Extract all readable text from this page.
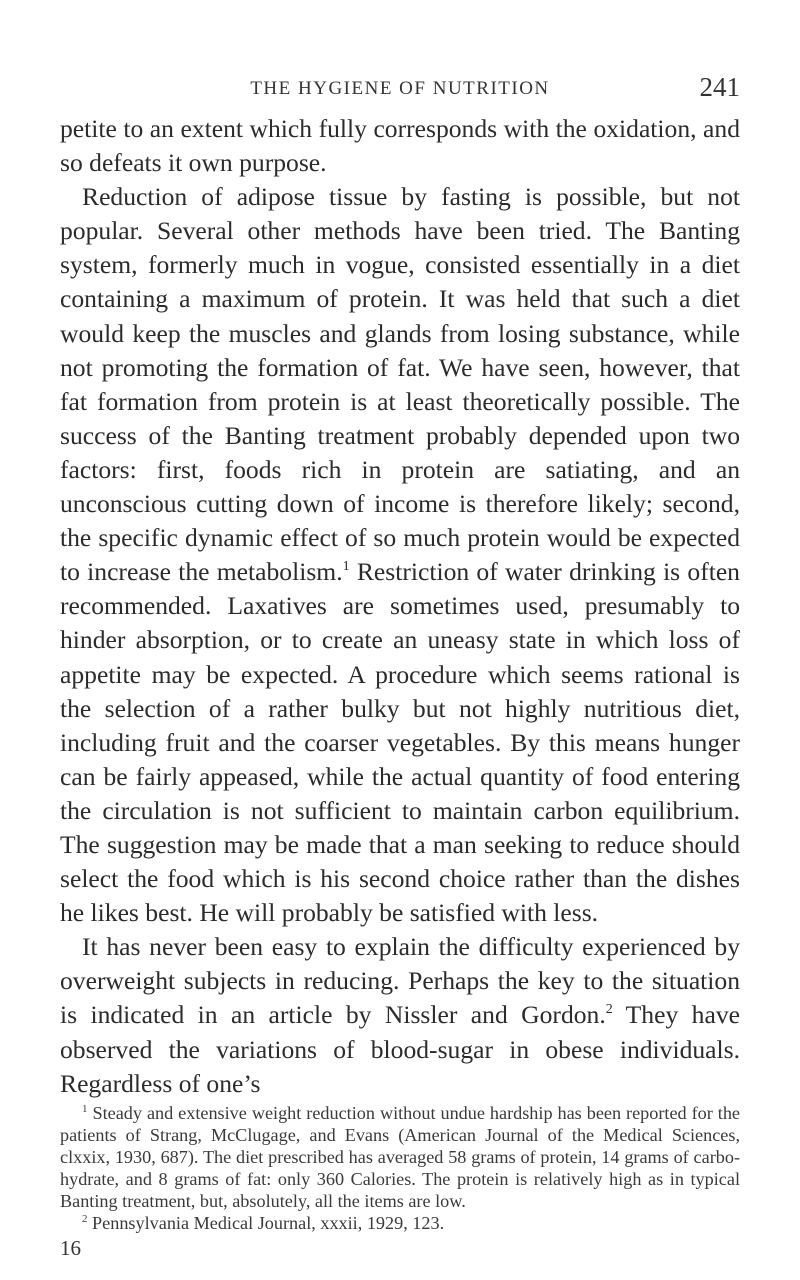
THE HYGIENE OF NUTRITION	241

petite to an extent which fully corresponds with the oxidation, and so defeats it own purpose.

Reduction of adipose tissue by fasting is possible, but not popular. Several other methods have been tried. The Banting system, formerly much in vogue, consisted essentially in a diet containing a maximum of protein. It was held that such a diet would keep the muscles and glands from losing substance, while not promoting the formation of fat. We have seen, however, that fat formation from protein is at least theoretically possible. The success of the Banting treatment probably depended upon two factors: first, foods rich in protein are satiating, and an unconscious cutting down of income is therefore likely; second, the specific dynamic effect of so much protein would be expected to increase the metabolism.$^1$ Restriction of water drinking is often recommended. Laxatives are sometimes used, presumably to hinder absorption, or to create an uneasy state in which loss of appetite may be expected. A procedure which seems rational is the selection of a rather bulky but not highly nutritious diet, including fruit and the coarser vegetables. By this means hunger can be fairly appeased, while the actual quantity of food entering the circulation is not sufficient to maintain carbon equilibrium. The suggestion may be made that a man seeking to reduce should select the food which is his second choice rather than the dishes he likes best. He will probably be satisfied with less.

It has never been easy to explain the difficulty experienced by overweight subjects in reducing. Perhaps the key to the situation is indicated in an article by Nissler and Gordon.$^2$ They have observed the variations of blood-sugar in obese individuals. Regardless of one’s

$^1$ Steady and extensive weight reduction without undue hardship has been reported for the patients of Strang, McClugage, and Evans (American Journal of the Medical Sciences, clxxix, 1930, 687). The diet prescribed has averaged 58 grams of protein, 14 grams of carbohydrate, and 8 grams of fat: only 360 Calories. The protein is relatively high as in typical Banting treatment, but, absolutely, all the items are low.

$^2$ Pennsylvania Medical Journal, xxxii, 1929, 123.

16
